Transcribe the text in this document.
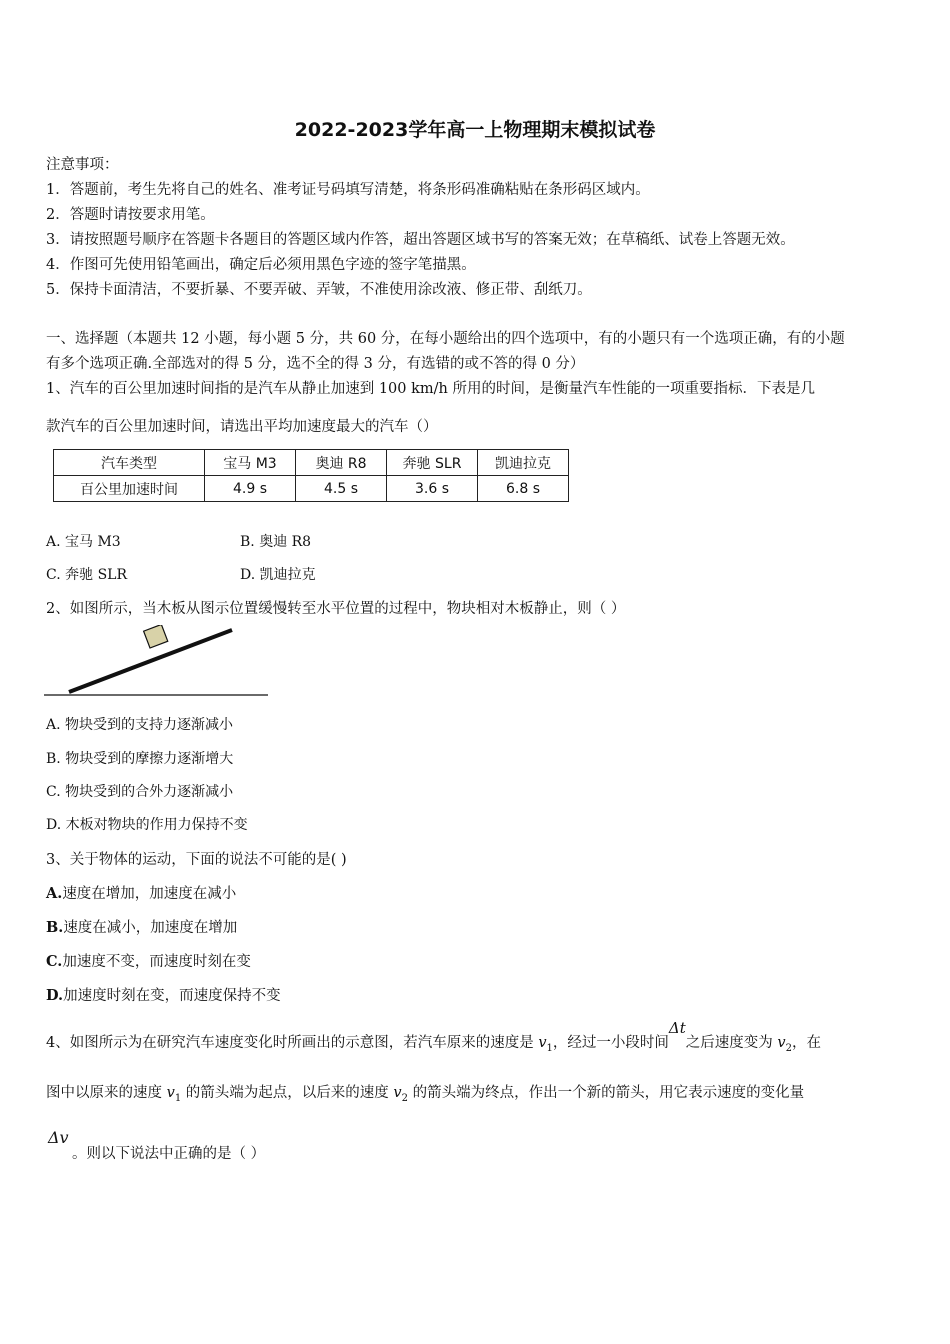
2022-2023学年高一上物理期末模拟试卷
注意事项：
1．答题前，考生先将自己的姓名、准考证号码填写清楚，将条形码准确粘贴在条形码区域内。
2．答题时请按要求用笔。
3．请按照题号顺序在答题卡各题目的答题区域内作答，超出答题区域书写的答案无效；在草稿纸、试卷上答题无效。
4．作图可先使用铅笔画出，确定后必须用黑色字迹的签字笔描黑。
5．保持卡面清洁，不要折暴、不要弄破、弄皱，不准使用涂改液、修正带、刮纸刀。
一、选择题（本题共 12 小题，每小题 5 分，共 60 分，在每小题给出的四个选项中，有的小题只有一个选项正确，有的小题
有多个选项正确.全部选对的得 5 分，选不全的得 3 分，有选错的或不答的得 0 分）
1、汽车的百公里加速时间指的是汽车从静止加速到 100 km/h 所用的时间，是衡量汽车性能的一项重要指标．下表是几
款汽车的百公里加速时间，请选出平均加速度最大的汽车（）
汽车类型	宝马 M3	奥迪 R8	奔驰 SLR	凯迪拉克
百公里加速时间	4.9 s	4.5 s	3.6 s	6.8 s
A. 宝马 M3	B. 奥迪 R8
C. 奔驰 SLR	D. 凯迪拉克
2、如图所示，当木板从图示位置缓慢转至水平位置的过程中，物块相对木板静止，则（ ）
A. 物块受到的支持力逐渐减小
B. 物块受到的摩擦力逐渐增大
C. 物块受到的合外力逐渐减小
D. 木板对物块的作用力保持不变
3、关于物体的运动，下面的说法不可能的是( )
A.速度在增加，加速度在减小
B.速度在减小，加速度在增加
C.加速度不变，而速度时刻在变
D.加速度时刻在变，而速度保持不变
4、如图所示为在研究汽车速度变化时所画出的示意图，若汽车原来的速度是 $v_1$，经过一小段时间Δt之后速度变为 $v_2$，在
图中以原来的速度 $v_1$ 的箭头端为起点，以后来的速度 $v_2$ 的箭头端为终点，作出一个新的箭头，用它表示速度的变化量
Δv
。则以下说法中正确的是（ ）
